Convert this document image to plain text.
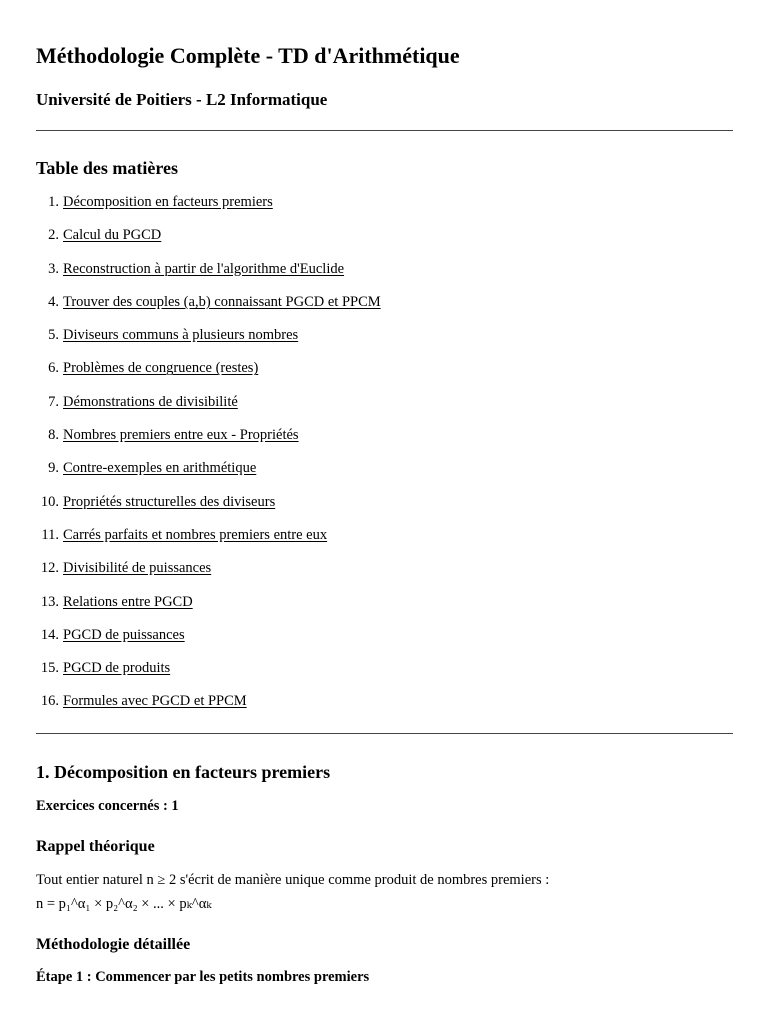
Méthodologie Complète - TD d'Arithmétique
Université de Poitiers - L2 Informatique
Table des matières
1. Décomposition en facteurs premiers
2. Calcul du PGCD
3. Reconstruction à partir de l'algorithme d'Euclide
4. Trouver des couples (a,b) connaissant PGCD et PPCM
5. Diviseurs communs à plusieurs nombres
6. Problèmes de congruence (restes)
7. Démonstrations de divisibilité
8. Nombres premiers entre eux - Propriétés
9. Contre-exemples en arithmétique
10. Propriétés structurelles des diviseurs
11. Carrés parfaits et nombres premiers entre eux
12. Divisibilité de puissances
13. Relations entre PGCD
14. PGCD de puissances
15. PGCD de produits
16. Formules avec PGCD et PPCM
1. Décomposition en facteurs premiers

Exercices concernés : 1

Rappel théorique

Tout entier naturel n ≥ 2 s'écrit de manière unique comme produit de nombres premiers :

n = p₁^α₁ × p₂^α₂ × ... × pₖ^αₖ

Méthodologie détaillée

Étape 1 : Commencer par les petits nombres premiers
